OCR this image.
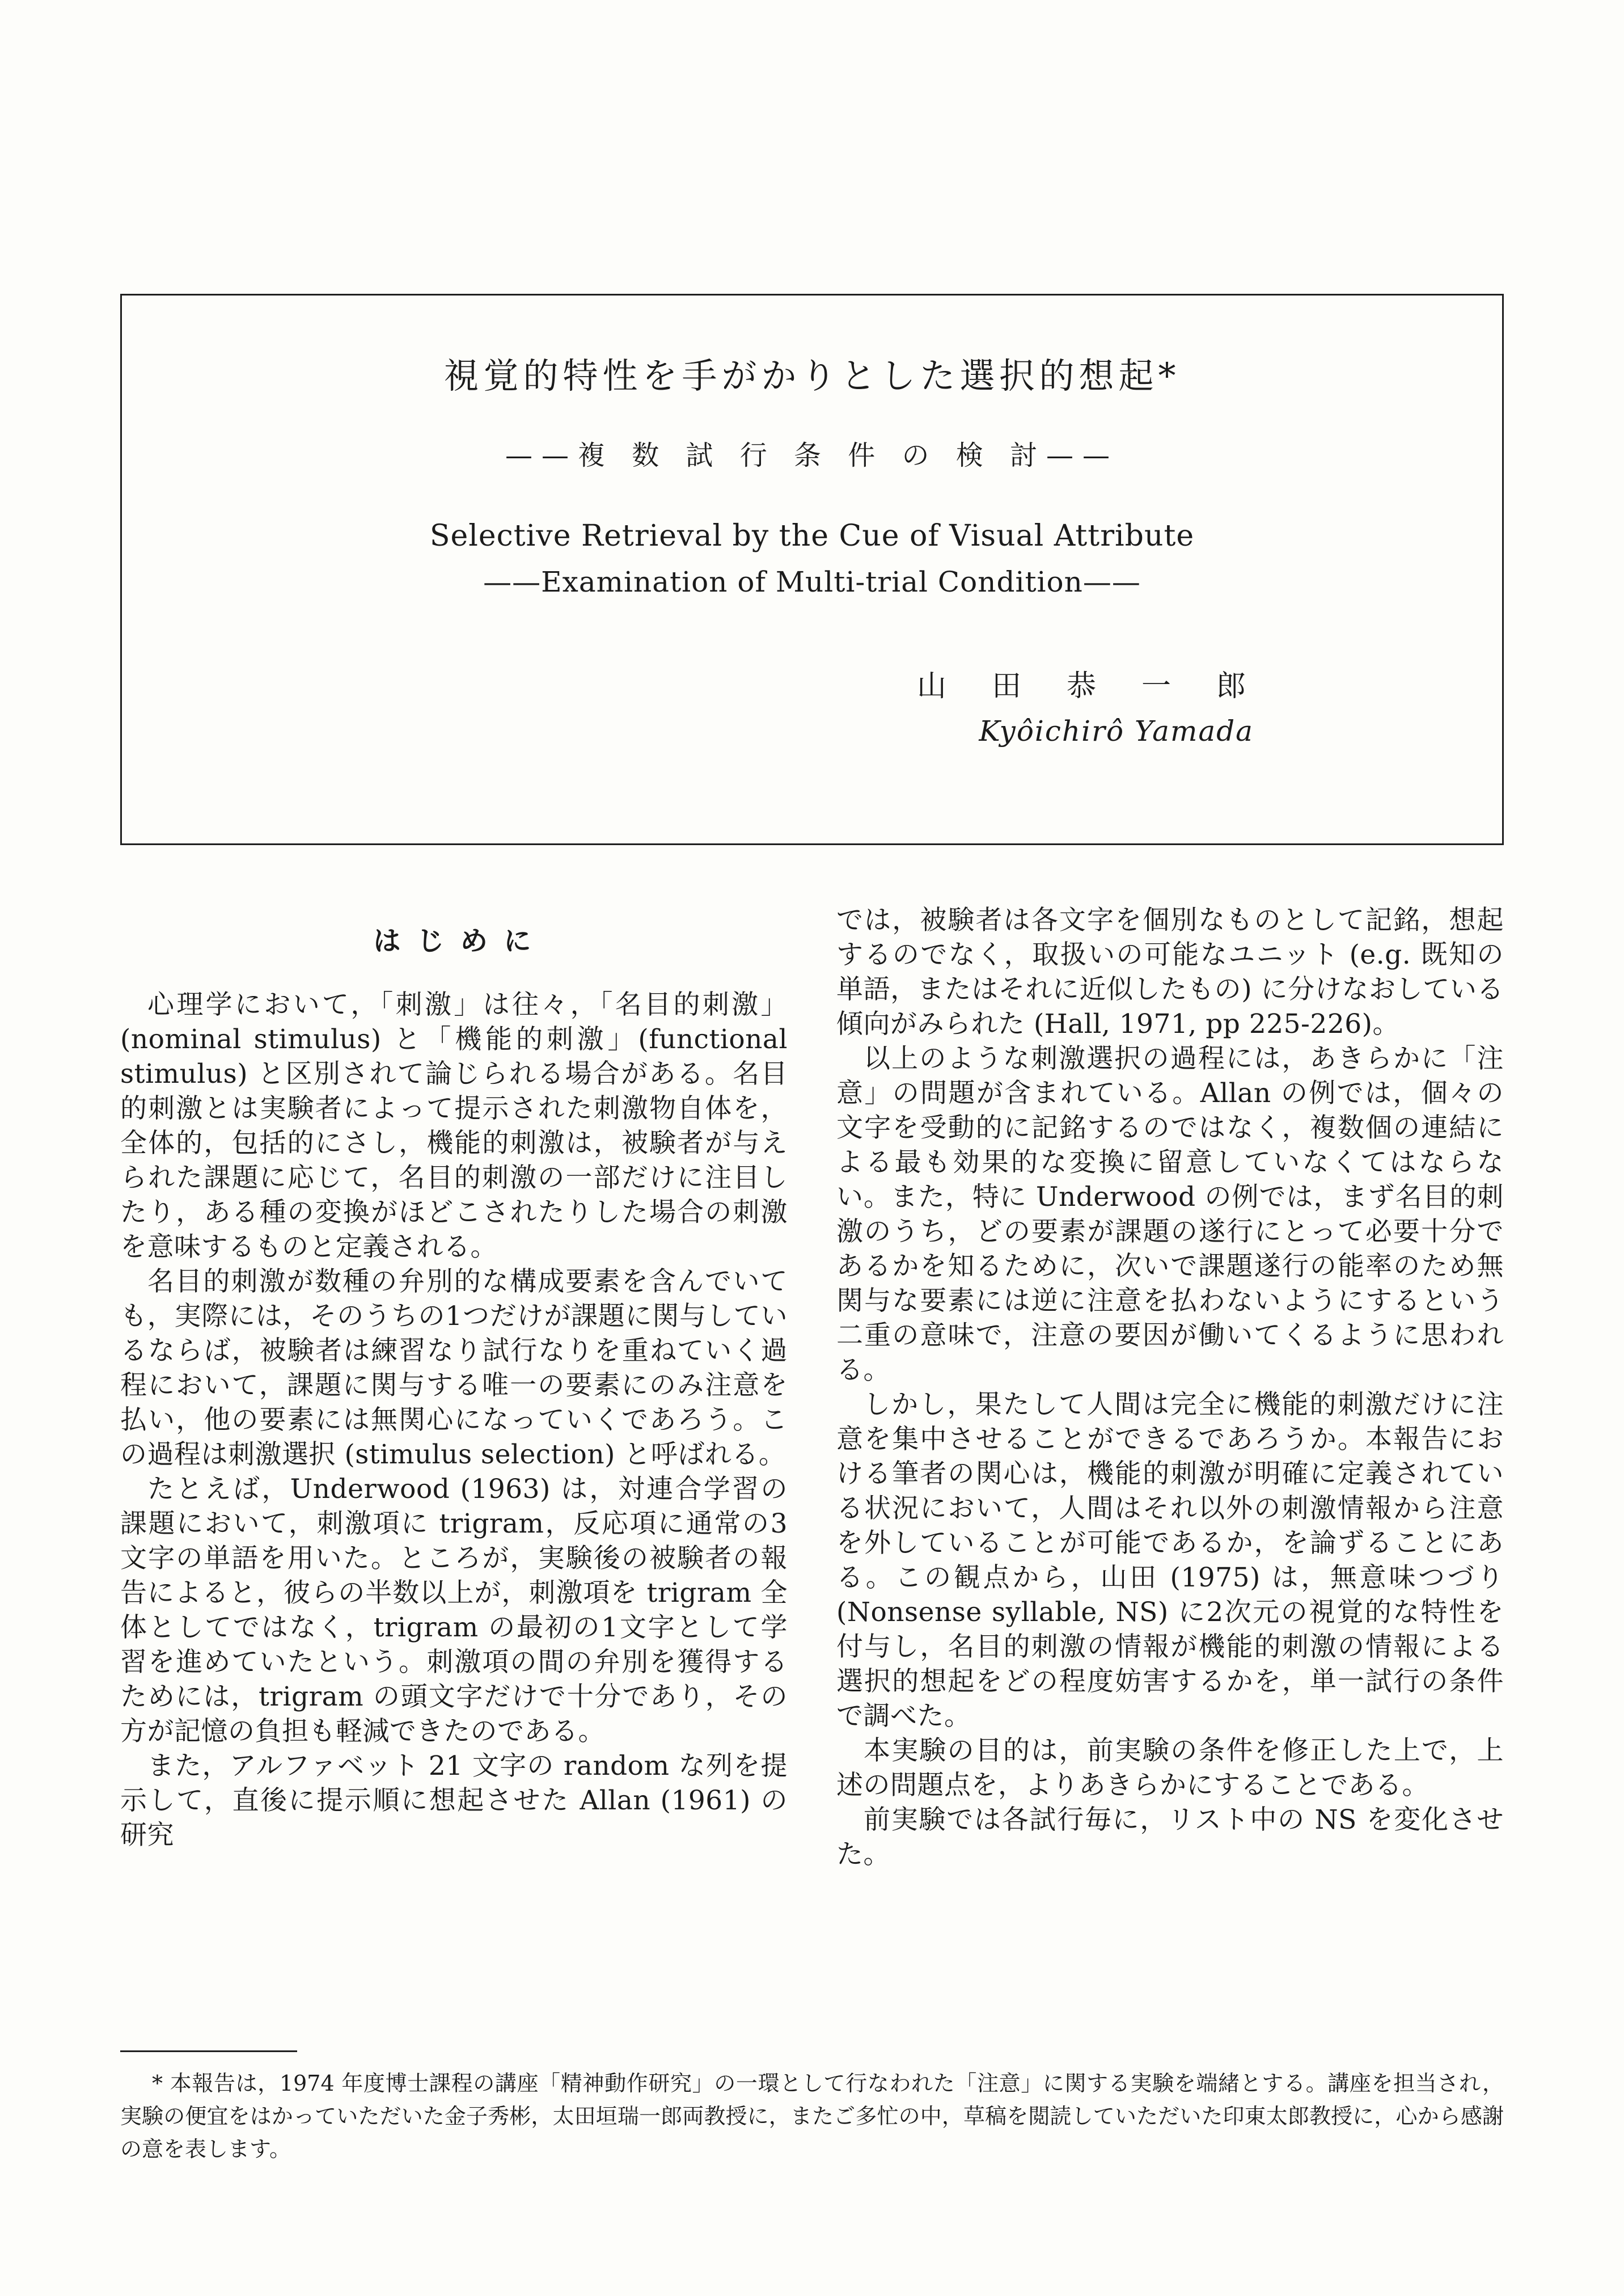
視覚的特性を手がかりとした選択的想起*
——複 数 試 行 条 件 の 検 討——
Selective Retrieval by the Cue of Visual Attribute
——Examination of Multi-trial Condition——
山　田　恭　一　郎
Kyôichirô Yamada
は じ め に

心理学において，「刺激」は往々，「名目的刺激」(nominal stimulus) と「機能的刺激」(functional stimulus) と区別されて論じられる場合がある。名目的刺激とは実験者によって提示された刺激物自体を，全体的，包括的にさし，機能的刺激は，被験者が与えられた課題に応じて，名目的刺激の一部だけに注目したり，ある種の変換がほどこされたりした場合の刺激を意味するものと定義される。

名目的刺激が数種の弁別的な構成要素を含んでいても，実際には，そのうちの1つだけが課題に関与しているならば，被験者は練習なり試行なりを重ねていく過程において，課題に関与する唯一の要素にのみ注意を払い，他の要素には無関心になっていくであろう。この過程は刺激選択 (stimulus selection) と呼ばれる。

たとえば，Underwood (1963) は，対連合学習の課題において，刺激項に trigram，反応項に通常の3文字の単語を用いた。ところが，実験後の被験者の報告によると，彼らの半数以上が，刺激項を trigram 全体としてではなく，trigram の最初の1文字として学習を進めていたという。刺激項の間の弁別を獲得するためには，trigram の頭文字だけで十分であり，その方が記憶の負担も軽減できたのである。

また，アルファベット 21 文字の random な列を提示して，直後に提示順に想起させた Allan (1961) の研究

では，被験者は各文字を個別なものとして記銘，想起するのでなく，取扱いの可能なユニット (e.g. 既知の単語，またはそれに近似したもの) に分けなおしている傾向がみられた (Hall, 1971, pp 225-226)。

以上のような刺激選択の過程には，あきらかに「注意」の問題が含まれている。Allan の例では，個々の文字を受動的に記銘するのではなく，複数個の連結による最も効果的な変換に留意していなくてはならない。また，特に Underwood の例では，まず名目的刺激のうち，どの要素が課題の遂行にとって必要十分であるかを知るために，次いで課題遂行の能率のため無関与な要素には逆に注意を払わないようにするという二重の意味で，注意の要因が働いてくるように思われる。

しかし，果たして人間は完全に機能的刺激だけに注意を集中させることができるであろうか。本報告における筆者の関心は，機能的刺激が明確に定義されている状況において，人間はそれ以外の刺激情報から注意を外していることが可能であるか，を論ずることにある。この観点から，山田 (1975) は，無意味つづり (Nonsense syllable, NS) に2次元の視覚的な特性を付与し，名目的刺激の情報が機能的刺激の情報による選択的想起をどの程度妨害するかを，単一試行の条件で調べた。

本実験の目的は，前実験の条件を修正した上で，上述の問題点を，よりあきらかにすることである。

前実験では各試行毎に，リスト中の NS を変化させた。

* 本報告は，1974 年度博士課程の講座「精神動作研究」の一環として行なわれた「注意」に関する実験を端緒とする。講座を担当され，実験の便宜をはかっていただいた金子秀彬，太田垣瑞一郎両教授に，またご多忙の中，草稿を閲読していただいた印東太郎教授に，心から感謝の意を表します。
